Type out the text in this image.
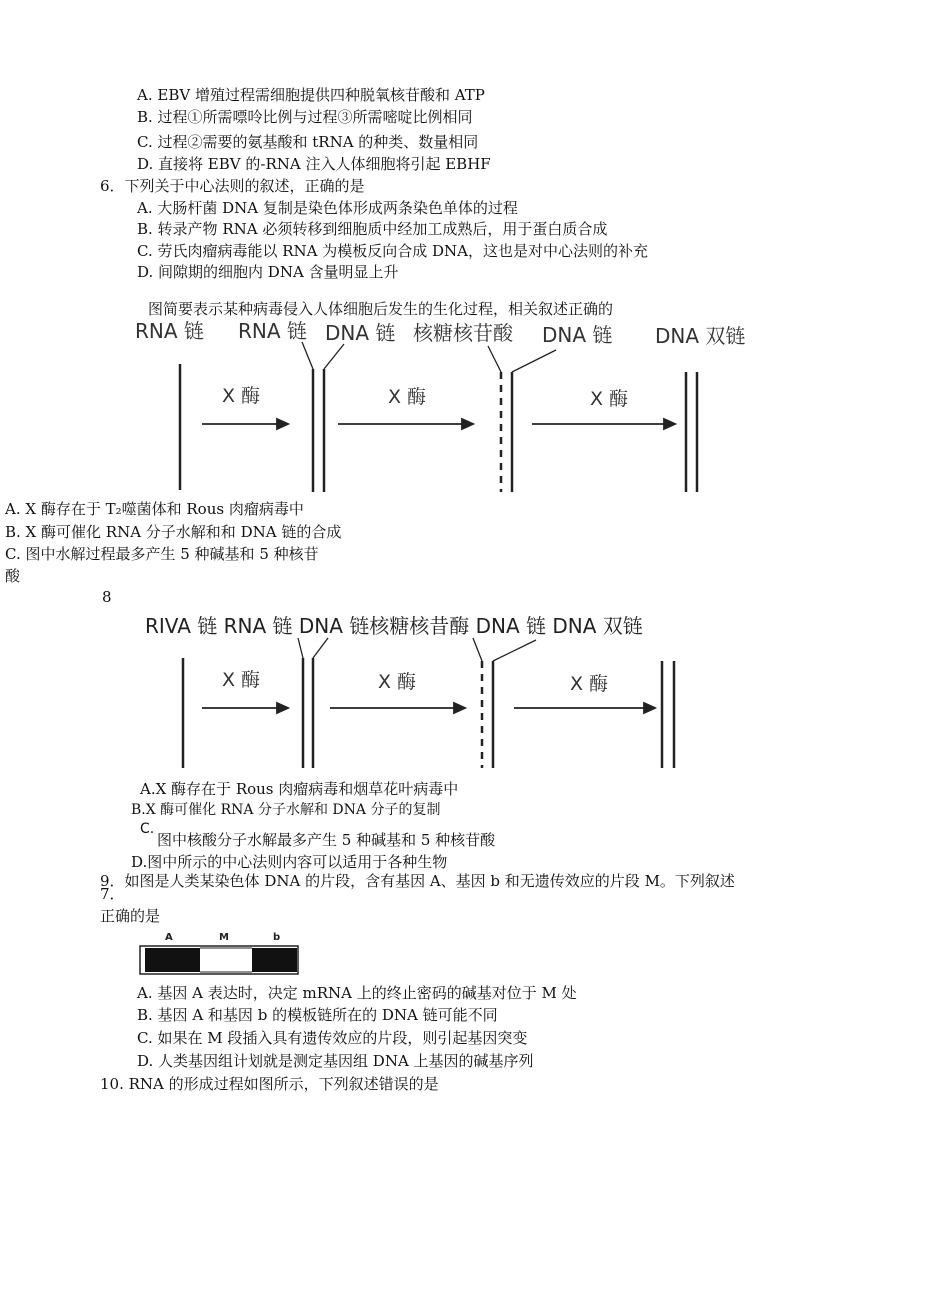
A. EBV 增殖过程需细胞提供四种脱氧核苷酸和 ATP
B. 过程①所需嘌呤比例与过程③所需嘧啶比例相同
C. 过程②需要的氨基酸和 tRNA 的种类、数量相同
D. 直接将 EBV 的-RNA 注入人体细胞将引起 EBHF
6．下列关于中心法则的叙述，正确的是
A. 大肠杆菌 DNA 复制是染色体形成两条染色单体的过程
B. 转录产物 RNA 必须转移到细胞质中经加工成熟后，用于蛋白质合成
C. 劳氏肉瘤病毒能以 RNA 为模板反向合成 DNA，这也是对中心法则的补充
D. 间隙期的细胞内 DNA 含量明显上升
图简要表示某种病毒侵入人体细胞后发生的生化过程，相关叙述正确的
RNA 链 RNA 链 DNA 链 核糖核苷酸 DNA 链 DNA 双链
X 酶	X 酶	X 酶
A. X 酶存在于 T₂噬菌体和 Rous 肉瘤病毒中
B. X 酶可催化 RNA 分子水解和和 DNA 链的合成
C. 图中水解过程最多产生 5 种碱基和 5 种核苷
酸
8
RIVA 链 RNA 链 DNA 链核糖核昔酶 DNA 链 DNA 双链
X 酶	X 酶	X 酶
A.X 酶存在于 Rous 肉瘤病毒和烟草花叶病毒中
B.X 酶可催化 RNA 分子水解和 DNA 分子的复制
C.
图中核酸分子水解最多产生 5 种碱基和 5 种核苷酸
D.图中所示的中心法则内容可以适用于各种生物
9．如图是人类某染色体 DNA 的片段，含有基因 A、基因 b 和无遗传效应的片段 M。下列叙述
7．
正确的是
A	M	b
A. 基因 A 表达时，决定 mRNA 上的终止密码的碱基对位于 M 处
B. 基因 A 和基因 b 的模板链所在的 DNA 链可能不同
C. 如果在 M 段插入具有遗传效应的片段，则引起基因突变
D. 人类基因组计划就是测定基因组 DNA 上基因的碱基序列
10. RNA 的形成过程如图所示，下列叙述错误的是
